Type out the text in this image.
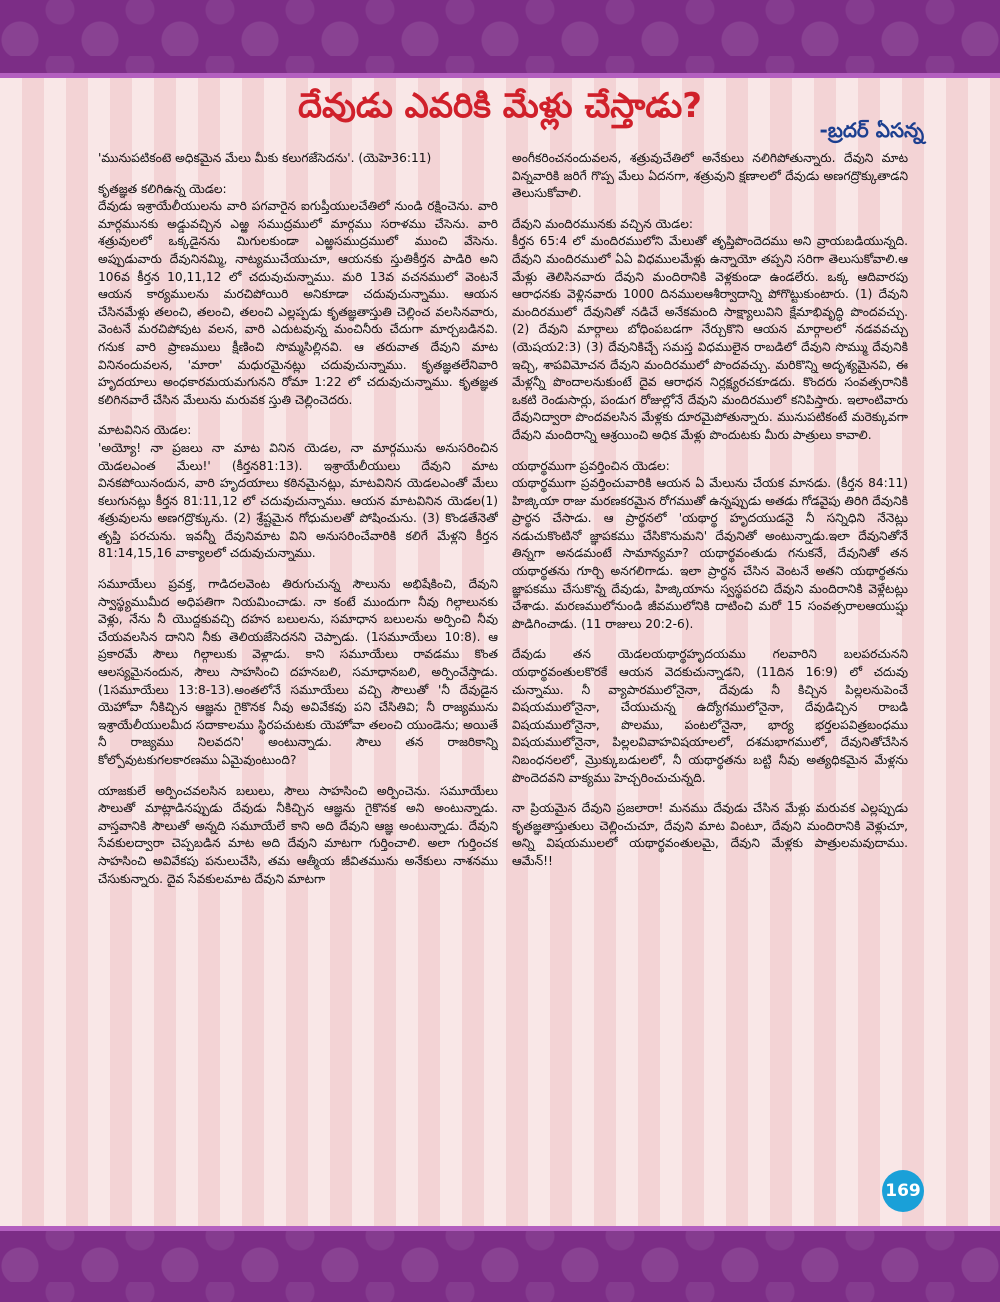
దేవుడు ఎవరికి మేళ్లు చేస్తాడు?
-బ్రదర్ ఏసన్న

'మునుపటికంటె అధికమైన మేలు మీకు కలుగజేసెదను'. (యెహె36:11)

కృతజ్ఞత కలిగిఉన్న యెడల:
దేవుడు ఇశ్రాయేలీయులను వారి పగవారైన ఐగుప్తీయులచేతిలో నుండి రక్షించెను. వారి మార్గమునకు అడ్డువచ్చిన ఎఱ్ఱ సముద్రములో మార్గము సరాళము చేసెను. వారి శత్రువులలో ఒక్కడైనను మిగులకుండా ఎఱ్ఱసముద్రములో ముంచి వేసెను. అప్పుడువారు దేవునినమ్మి, నాట్యముచేయుచూ, ఆయనకు స్తుతికీర్తన పాడిరి అని 106వ కీర్తన 10,11,12 లో చదువుచున్నాము. మరి 13వ వచనములో వెంటనే ఆయన కార్యములను మరచిపోయిరి అనికూడా చదువుచున్నాము. ఆయన చేసినమేళ్లు తలంచి, తలంచి, తలంచి ఎల్లప్పడు కృతజ్ఞతాస్తుతి చెల్లించ వలసినవారు, వెంటనే మరచిపోవుట వలన, వారి ఎదుటవున్న మంచినీరు చేదుగా మార్చబడినవి. గనుక వారి ప్రాణములు క్షీణించి సొమ్మసిల్లినవి. ఆ తరువాత దేవుని మాట వినినందువలన, 'మారా' మధురమైనట్లు చదువుచున్నాము. కృతజ్ఞతలేనివారి హృదయాలు అంధకారమయమగునని రోమా 1:22 లో చదువుచున్నాము. కృతజ్ఞత కలిగినవారే చేసిన మేలును మరువక స్తుతి చెల్లించెదరు.

మాటవినిన యెడల:
'అయ్యో! నా ప్రజలు నా మాట వినిన యెడల, నా మార్గమును అనుసరించిన యెడలఎంత మేలు!' (కీర్తన81:13). ఇశ్రాయేలీయులు దేవుని మాట వినకపోయినందున, వారి హృదయాలు కఠినమైనట్లు, మాటవినిన యెడలఎంతో మేలు కలుగునట్లు కీర్తన 81:11,12 లో చదువుచున్నాము. ఆయన మాటవినిన యెడల(1) శత్రువులను అణగద్రొక్కును. (2) శ్రేష్టమైన గోధుమలతో పోషించును. (3) కొండతేనెతో తృప్తి పరచును. ఇవన్నీ దేవునిమాట విని అనుసరించేవారికి కలిగే మేళ్లని కీర్తన 81:14,15,16 వాక్యాలలో చదువుచున్నాము.

సమూయేలు ప్రవక్త, గాడిదలవెంట తిరుగుచున్న సౌలును అభిషేకించి, దేవుని స్వాస్థ్యముమీద అధిపతిగా నియమించాడు. నా కంటే ముందుగా నీవు గిల్గాలునకు వెళ్లు, నేను నీ యొద్దకువచ్చి దహన బలులను, సమాధాన బలులను అర్పించి నీవు చేయవలసిన దానిని నీకు తెలియజేసెదనని చెప్పాడు. (1సమూయేలు 10:8). ఆ ప్రకారమే సౌలు గిల్గాలుకు వెళ్లాడు. కాని సమూయేలు రావడము కొంత ఆలస్యమైనందున, సౌలు సాహసించి దహనబలి, సమాధానబలి, అర్పించేస్తాడు. (1సమూయేలు 13:8-13).అంతలోనే సమూయేలు వచ్చి సౌలుతో 'నీ దేవుడైన యెహోవా నీకిచ్చిన ఆజ్ఞను గైకొనక నీవు అవివేకవు పని చేసితివి; నీ రాజ్యమును ఇశ్రాయేలీయులమీద సదాకాలము స్థిరపచుటకు యెహోవా తలంచి యుండెను; అయితే నీ రాజ్యము నిలవదని' అంటున్నాడు. సౌలు తన రాజరికాన్ని కోల్పోవుటకుగలకారణము ఏమైవుంటుంది?

యాజకులే అర్పించవలసిన బలులు, సౌలు సాహసించి అర్పించెను. సమూయేలు సౌలుతో మాట్లాడినప్పుడు దేవుడు నీకిచ్చిన ఆజ్ఞను గైకొనక అని అంటున్నాడు. వాస్తవానికి సౌలుతో అన్నది సమూయేలే కాని అది దేవుని ఆజ్ఞ అంటున్నాడు. దేవుని సేవకులద్వారా చెప్పబడిన మాట అది దేవుని మాటగా గుర్తించాలి. అలా గుర్తించక సాహసించి అవివేకపు పనులుచేసి, తమ ఆత్మీయ జీవితమును అనేకులు నాశనము చేసుకున్నారు. దైవ సేవకులమాట దేవుని మాటగా

అంగీకరించనందువలన, శత్రువుచేతిలో అనేకులు నలిగిపోతున్నారు. దేవుని మాట విన్నవారికి జరిగే గొప్ప మేలు ఏదనగా, శత్రువుని క్షణాలలో దేవుడు అణగద్రొక్కుతాడని తెలుసుకోవాలి.

దేవుని మందిరమునకు వచ్చిన యెడల:
కీర్తన 65:4 లో మందిరములోని మేలుతో తృప్తిపొందెదము అని వ్రాయబడియున్నది. దేవుని మందిరములో ఏఏ విధములమేళ్లు ఉన్నాయో తప్పని సరిగా తెలుసుకోవాలి.ఆ మేళ్లు తెలిసినవారు దేవుని మందిరానికి వెళ్లకుండా ఉండలేరు. ఒక్క ఆదివారపు ఆరాధనకు వెళ్లినవారు 1000 దినములఆశీర్వాదాన్ని పోగొట్టుకుంటారు. (1) దేవుని మందిరములో దేవునితో నడిచే అనేకమంది సాక్ష్యాలువిని క్షేమాభివృద్ధి పొందవచ్చు. (2) దేవుని మార్గాలు బోధింపబడగా నేర్చుకొని ఆయన మార్గాలలో నడవవచ్చు (యెషయ2:3) (3) దేవునికిచ్చే సమస్త విధములైన రాబడిలో దేవుని సొమ్ము దేవునికి ఇచ్చి, శాపవిమోచన దేవుని మందిరములో పొందవచ్చు. మరికొన్ని అదృశ్యమైనవి, ఈ మేళ్లన్నీ పొందాలనుకుంటే దైవ ఆరాధన నిర్లక్ష్యరచకూడదు. కొందరు సంవత్సరానికి ఒకటి రెండుసార్లు, పండుగ రోజుల్లోనే దేవుని మందిరములో కనిపిస్తారు. ఇలాంటివారు దేవునిద్వారా పొందవలసిన మేళ్లకు దూరమైపోతున్నారు. మునుపటికంటే మరెక్కువగా దేవుని మందిరాన్ని ఆశ్రయించి అధిక మేళ్లు పొందుటకు మీరు పాత్రులు కావాలి.

యథార్థముగా ప్రవర్తించిన యెడల:
యథార్థముగా ప్రవర్తించువారికి ఆయన ఏ మేలును చేయక మానడు. (కీర్తన 84:11) హిజ్కియా రాజు మరణకరమైన రోగముతో ఉన్నప్పుడు అతడు గోడవైపు తిరిగి దేవునికి ప్రార్థన చేసాడు. ఆ ప్రార్థనలో 'యథార్థ హృదయుడనై నీ సన్నిధిని నేనెట్లు నడుచుకొంటినో జ్ఞాపకము చేసికొనుమని' దేవునితో అంటున్నాడు.ఇలా దేవునితోనే తిన్నగా అనడమంటే సామాన్యమా? యథార్థవంతుడు గనుకనే, దేవునితో తన యథార్థతను గూర్చి అనగలిగాడు. ఇలా ప్రార్థన చేసిన వెంటనే అతని యథార్థతను జ్ఞాపకము చేసుకొన్న దేవుడు, హిజ్కియాను స్వస్థపరచి దేవుని మందిరానికి వెళ్లేటట్లు చేశాడు. మరణములోనుండి జీవములోనికి దాటించి మరో 15 సంవత్సరాలఆయుష్షు పొడిగించాడు. (11 రాజులు 20:2-6).

దేవుడు తన యెడలయథార్థహృదయము గలవారిని బలపరచునని యథార్థవంతులకొరకే ఆయన వెదకుచున్నాడని, (11దిన 16:9) లో చదువు చున్నాము. నీ వ్యాపారములోనైనా, దేవుడు నీ కిచ్చిన పిల్లలనుపెంచే విషయములోనైనా, చేయుచున్న ఉద్యోగములోనైనా, దేవుడిచ్చిన రాబడి విషయములోనైనా, పొలము, పంటలోనైనా, భార్య భర్తలపవిత్రబంధము విషయములోనైనా, పిల్లలవివాహవిషయాలలో, దశమభాగములో, దేవునితోచేసిన నిబంధనలలో, మ్రొక్కుబడులలో, నీ యథార్థతను బట్టి నీవు అత్యధికమైన మేళ్లను పొందెదవని వాక్యము హెచ్చరించుచున్నది.

నా ప్రియమైన దేవుని ప్రజలారా! మనము దేవుడు చేసిన మేళ్లు మరువక ఎల్లప్పుడు కృతజ్ఞతాస్తుతులు చెల్లించుచూ, దేవుని మాట వింటూ, దేవుని మందిరానికి వెళ్లుచూ, అన్ని విషయములలో యథార్థవంతులమై, దేవుని మేళ్లకు పాత్రులమవుదాము. ఆమేన్!!

169
